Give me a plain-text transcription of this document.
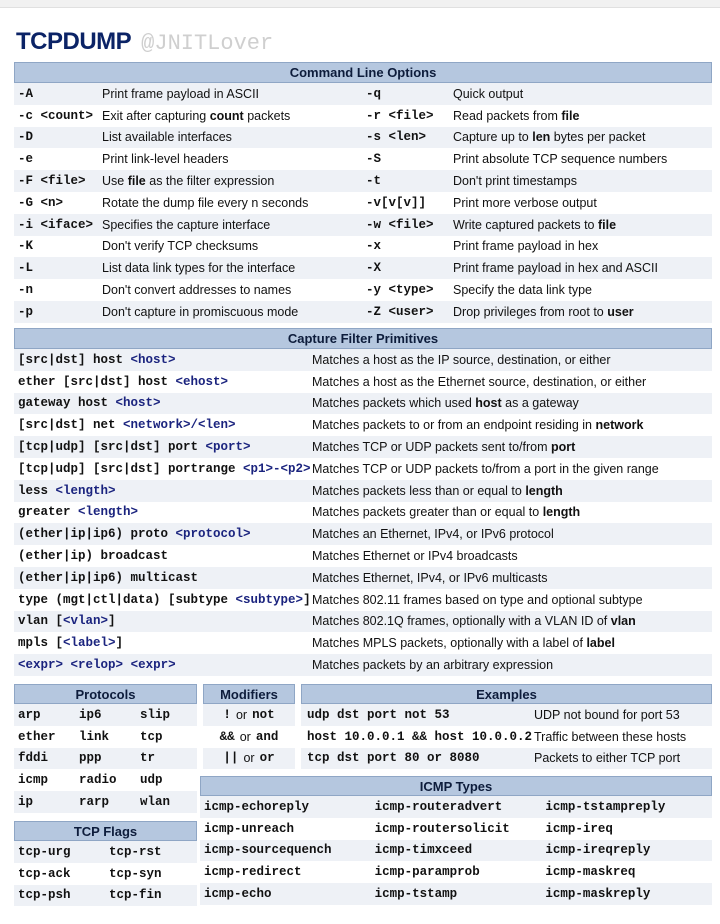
TCPDUMP @JNITLover
Command Line Options
-A	Print frame payload in ASCII	-q	Quick output
-c <count> Exit after capturing count packets	-r <file>	Read packets from file
-D	List available interfaces	-s <len>	Capture up to len bytes per packet
-e	Print link-level headers	-S	Print absolute TCP sequence numbers
-F <file>	Use file as the filter expression	-t	Don't print timestamps
-G <n>	Rotate the dump file every n seconds	-v[v[v]]	Print more verbose output
-i <iface> Specifies the capture interface	-w <file>	Write captured packets to file
-K	Don't verify TCP checksums	-x	Print frame payload in hex
-L	List data link types for the interface	-X	Print frame payload in hex and ASCII
-n	Don't convert addresses to names	-y <type>	Specify the data link type
-p	Don't capture in promiscuous mode	-Z <user>	Drop privileges from root to user
Capture Filter Primitives
[src|dst] host <host>	Matches a host as the IP source, destination, or either
ether [src|dst] host <ehost>	Matches a host as the Ethernet source, destination, or either
gateway host <host>	Matches packets which used host as a gateway
[src|dst] net <network>/<len>	Matches packets to or from an endpoint residing in network
[tcp|udp] [src|dst] port <port>	Matches TCP or UDP packets sent to/from port
[tcp|udp] [src|dst] portrange <p1>-<p2> Matches TCP or UDP packets to/from a port in the given range
less <length>	Matches packets less than or equal to length
greater <length>	Matches packets greater than or equal to length
(ether|ip|ip6) proto <protocol>	Matches an Ethernet, IPv4, or IPv6 protocol
(ether|ip) broadcast	Matches Ethernet or IPv4 broadcasts
(ether|ip|ip6) multicast	Matches Ethernet, IPv4, or IPv6 multicasts
type (mgt|ctl|data) [subtype <subtype>] Matches 802.11 frames based on type and optional subtype
vlan [<vlan>]	Matches 802.1Q frames, optionally with a VLAN ID of vlan
mpls [<label>]	Matches MPLS packets, optionally with a label of label
<expr> <relop> <expr>	Matches packets by an arbitrary expression
Protocols
arp	ip6	slip
ether	link	tcp
fddi	ppp	tr
icmp	radio	udp
ip	rarp	wlan
Modifiers
! or not
&& or and
|| or or
Examples
udp dst port not 53	UDP not bound for port 53
host 10.0.0.1 && host 10.0.0.2 Traffic between these hosts
tcp dst port 80 or 8080	Packets to either TCP port
TCP Flags
tcp-urg	tcp-rst
tcp-ack	tcp-syn
tcp-psh	tcp-fin
ICMP Types
icmp-echoreply	icmp-routeradvert	icmp-tstampreply
icmp-unreach	icmp-routersolicit	icmp-ireq
icmp-sourcequench	icmp-timxceed	icmp-ireqreply
icmp-redirect	icmp-paramprob	icmp-maskreq
icmp-echo	icmp-tstamp	icmp-maskreply
